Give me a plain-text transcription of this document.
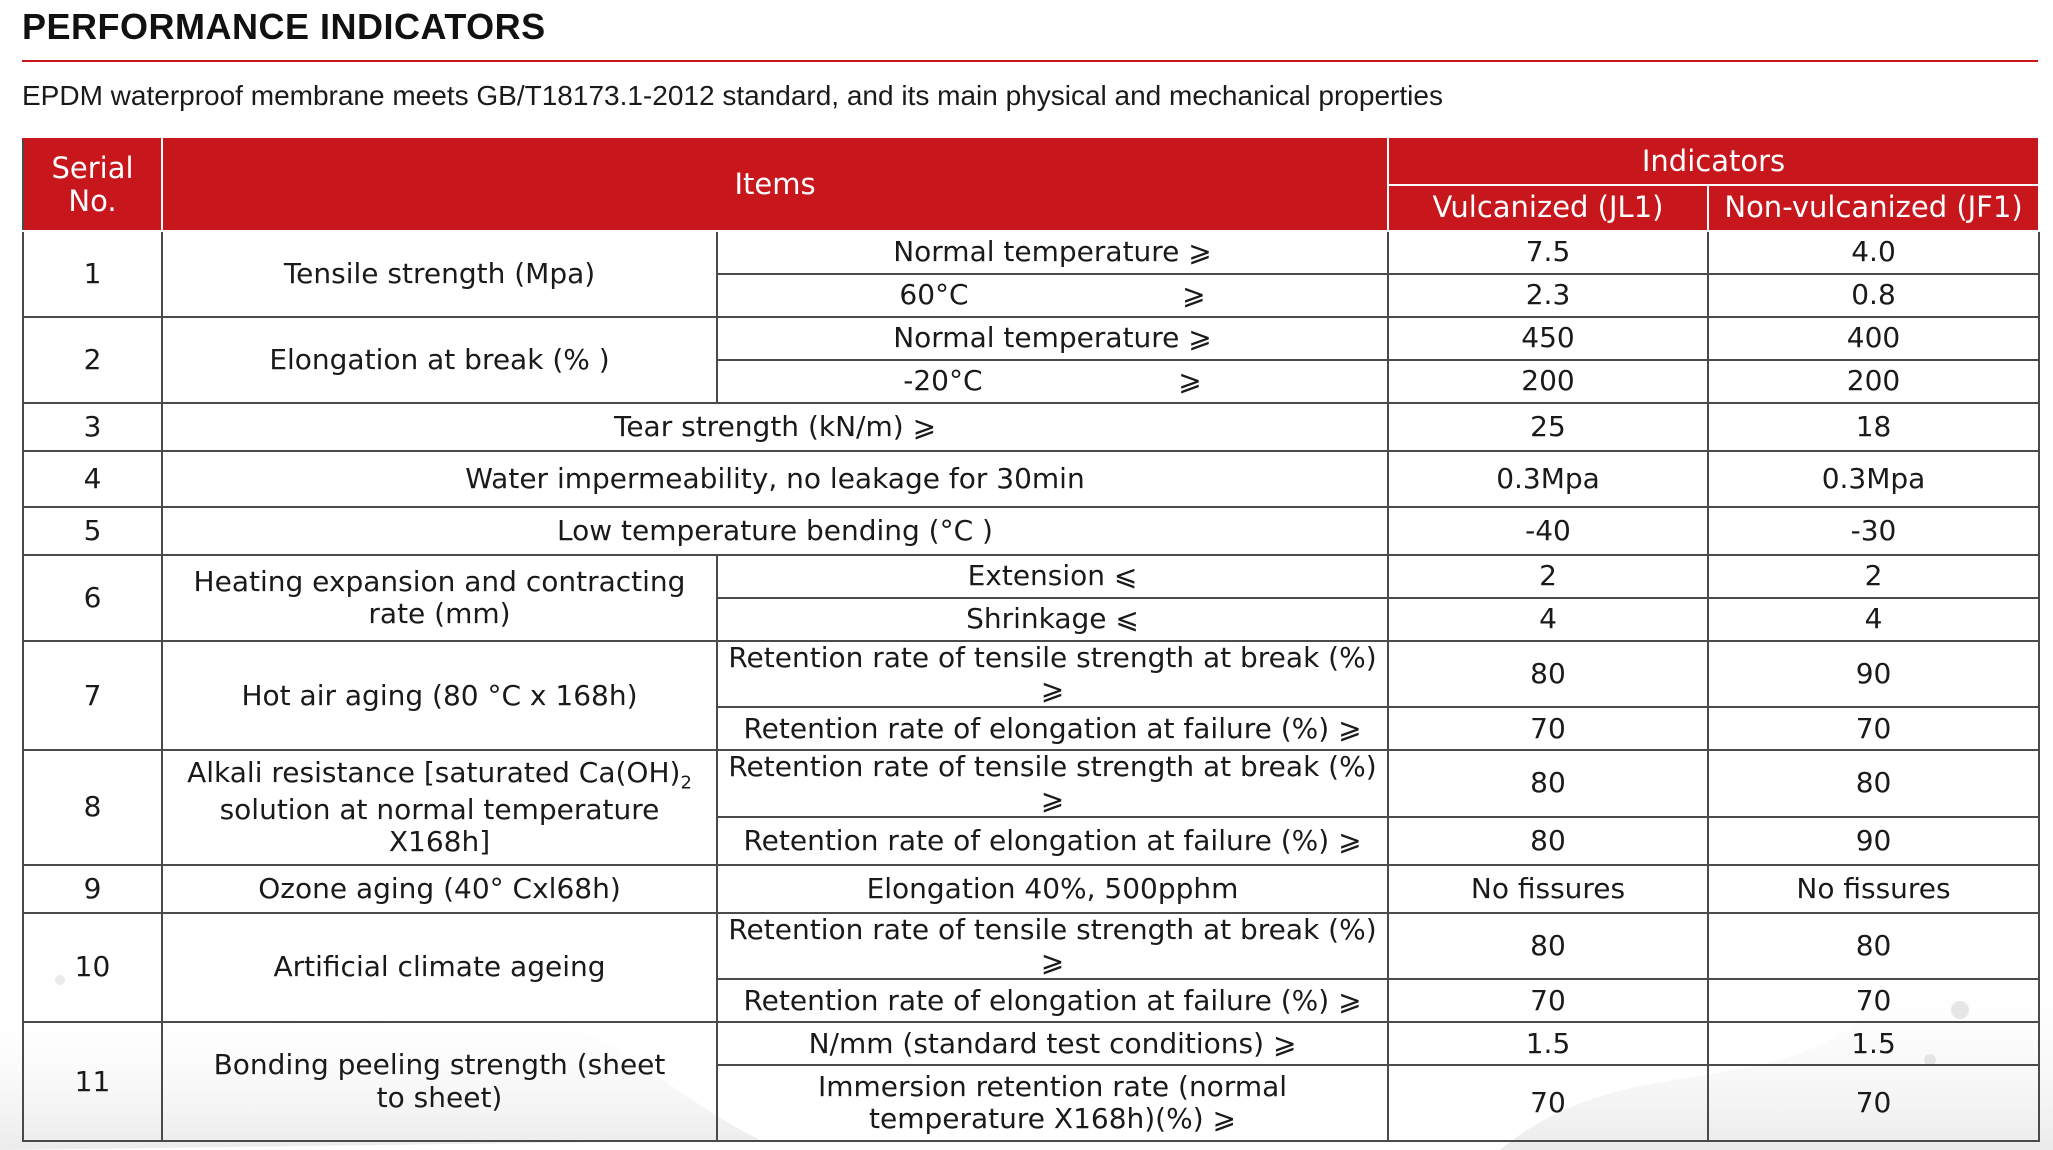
PERFORMANCE INDICATORS
EPDM waterproof membrane meets GB/T18173.1-2012 standard, and its main physical and mechanical properties
Serial No.	Items		Indicators	
			Vulcanized (JL1)	Non-vulcanized (JF1)
1	Tensile strength (Mpa)	Normal temperature ⩾	7.5	4.0
		60°C                        ⩾	2.3	0.8
2	Elongation at break (% )	Normal temperature ⩾	450	400
		-20°C                      ⩾	200	200
3	Tear strength (kN/m) ⩾		25	18
4	Water impermeability, no leakage for 30min		0.3Mpa	0.3Mpa
5	Low temperature bending (°C )		-40	-30
6	Heating expansion and contracting rate (mm)	Extension ⩽	2	2
		Shrinkage ⩽	4	4
7	Hot air aging (80 °C x 168h)	Retention rate of tensile strength at break (%) ⩾	80	90
		Retention rate of elongation at failure (%) ⩾	70	70
8	Alkali resistance [saturated $Ca(OH)_2$ solution at normal temperature X168h]	Retention rate of tensile strength at break (%) ⩾	80	80
		Retention rate of elongation at failure (%) ⩾	80	90
9	Ozone aging (40° Cxl68h)	Elongation 40%, 500pphm	No fissures	No fissures
10	Artificial climate ageing	Retention rate of tensile strength at break (%) ⩾	80	80
		Retention rate of elongation at failure (%) ⩾	70	70
11	Bonding peeling strength (sheet to sheet)	N/mm (standard test conditions) ⩾	1.5	1.5
		Immersion retention rate (normal temperature X168h)(%) ⩾	70	70
